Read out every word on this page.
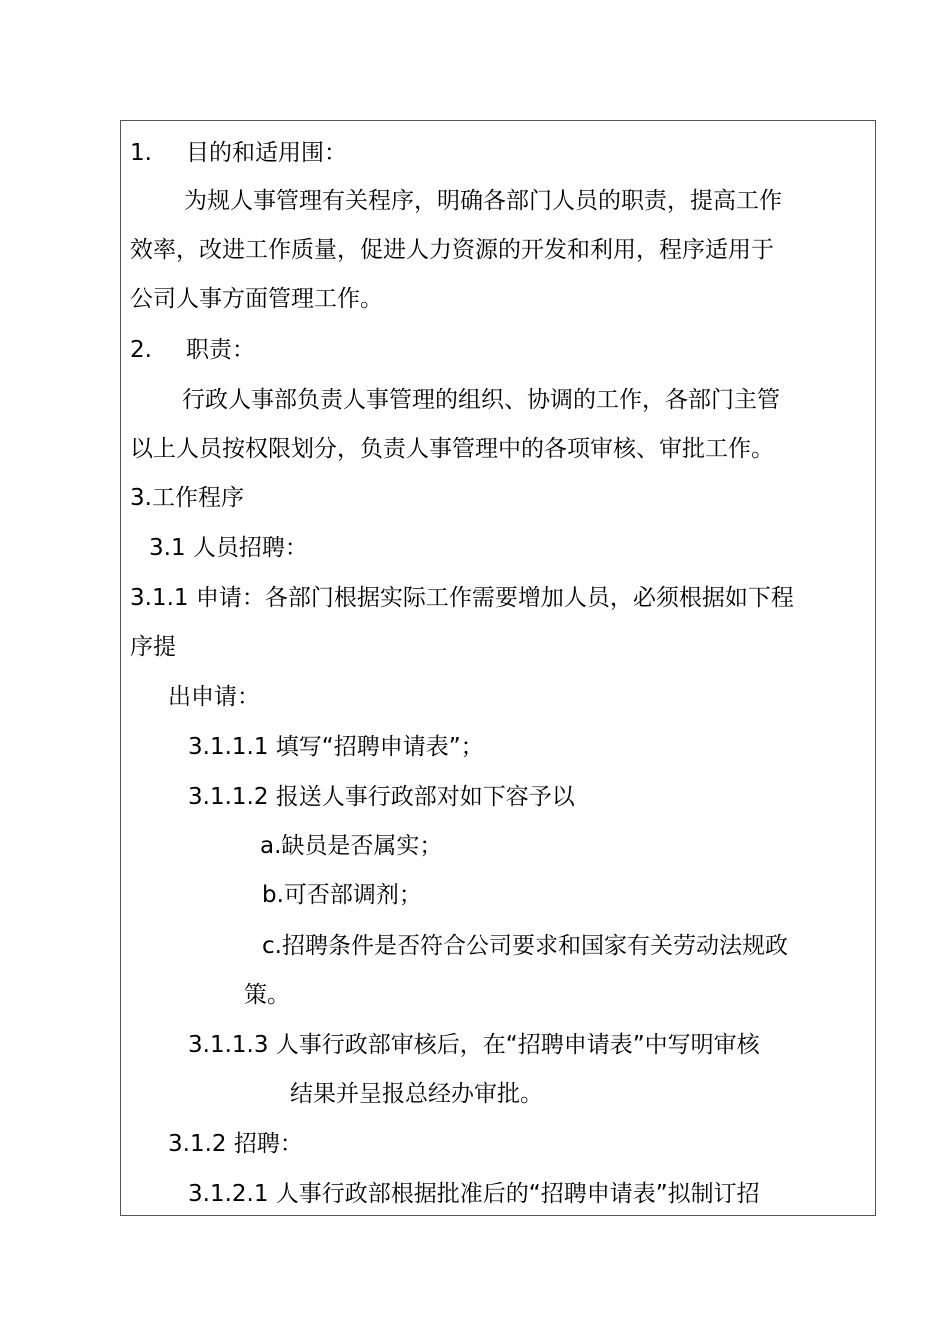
1. 目的和适用围：
为规人事管理有关程序，明确各部门人员的职责，提高工作
效率，改进工作质量，促进人力资源的开发和利用，程序适用于
公司人事方面管理工作。
2. 职责：
行政人事部负责人事管理的组织、协调的工作，各部门主管
以上人员按权限划分，负责人事管理中的各项审核、审批工作。
3.工作程序
3.1 人员招聘：
3.1.1 申请：各部门根据实际工作需要增加人员，必须根据如下程
序提
出申请：
3.1.1.1 填写“招聘申请表”；
3.1.1.2 报送人事行政部对如下容予以
a.缺员是否属实；
b.可否部调剂；
c.招聘条件是否符合公司要求和国家有关劳动法规政
策。
3.1.1.3 人事行政部审核后，在“招聘申请表”中写明审核
结果并呈报总经办审批。
3.1.2 招聘：
3.1.2.1 人事行政部根据批准后的“招聘申请表”拟制订招
